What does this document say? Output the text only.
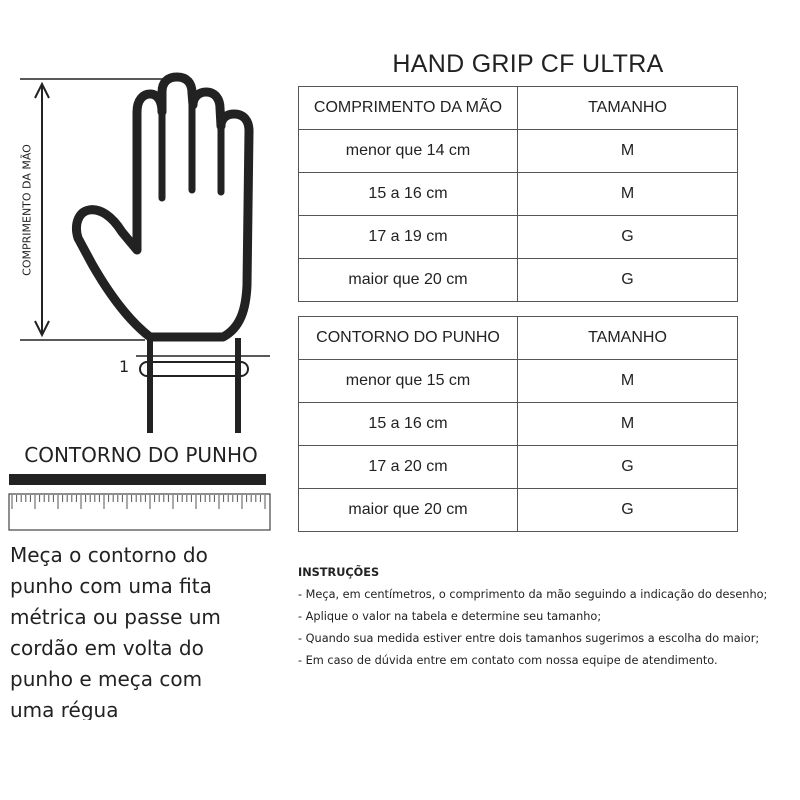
HAND GRIP CF ULTRA
COMPRIMENTO DA MÃO	TAMANHO
menor que 14 cm	M
15 a 16 cm	M
17 a 19 cm	G
maior que 20 cm	G
CONTORNO DO PUNHO	TAMANHO
menor que 15 cm	M
15 a 16 cm	M
17 a 20 cm	G
maior que 20 cm	G
INSTRUÇÕES
- Meça, em centímetros, o comprimento da mão seguindo a indicação do desenho;
- Aplique o valor na tabela e determine seu tamanho;
- Quando sua medida estiver entre dois tamanhos sugerimos a escolha do maior;
- Em caso de dúvida entre em contato com nossa equipe de atendimento.
COMPRIMENTO DA MÃO
1
CONTORNO DO PUNHO
Meça o contorno do
punho com uma fita
métrica ou passe um
cordão em volta do
punho e meça com
uma régua
